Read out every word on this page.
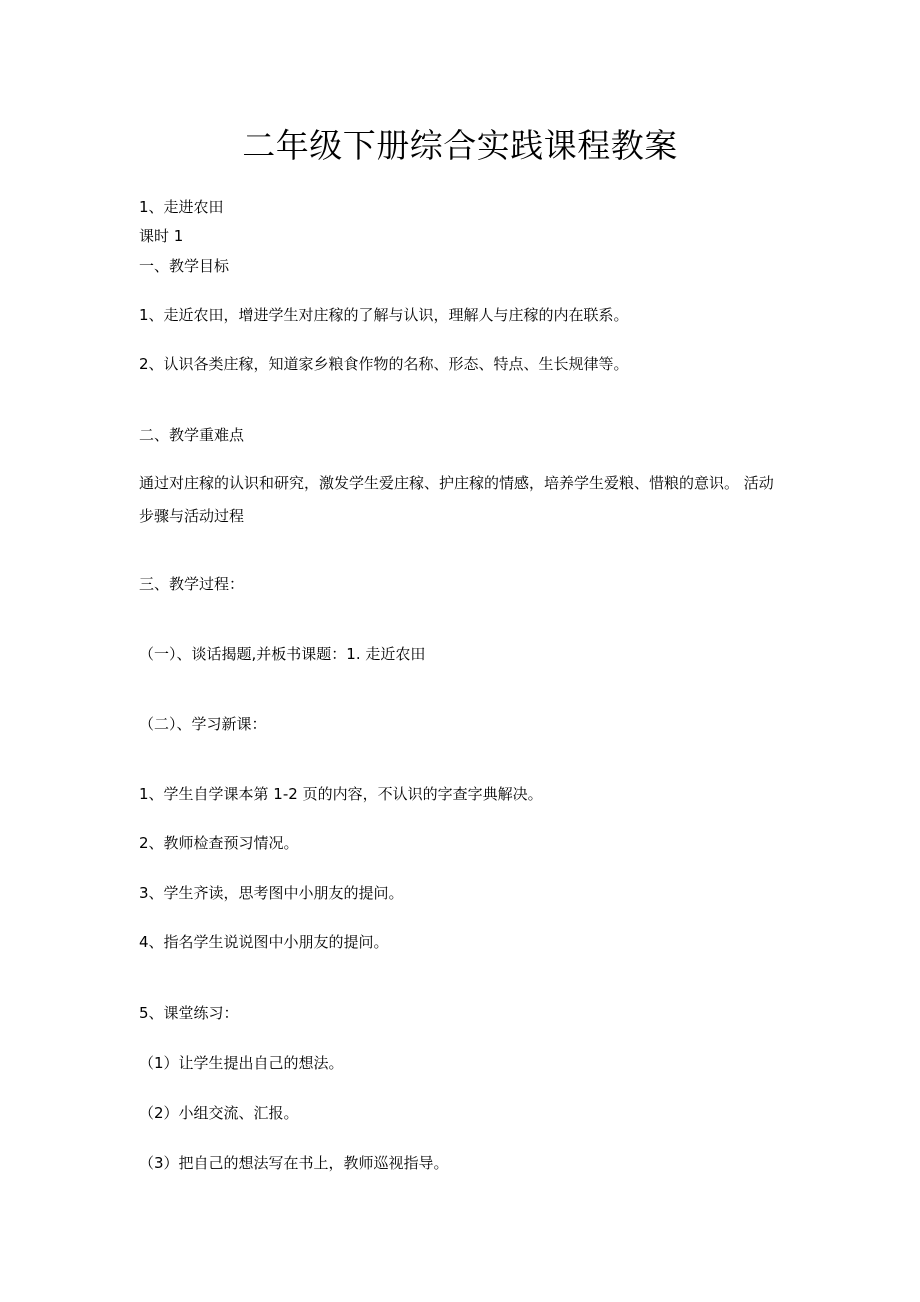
二年级下册综合实践课程教案
1、走进农田
课时 1
一、教学目标
1、走近农田，增进学生对庄稼的了解与认识，理解人与庄稼的内在联系。
2、认识各类庄稼，知道家乡粮食作物的名称、形态、特点、生长规律等。
二、教学重难点
通过对庄稼的认识和研究，激发学生爱庄稼、护庄稼的情感，培养学生爱粮、惜粮的意识。 活动步骤与活动过程
三、教学过程：
（一）、谈话揭题,并板书课题：1. 走近农田
（二）、学习新课：
1、学生自学课本第 1-2 页的内容，不认识的字查字典解决。
2、教师检查预习情况。
3、学生齐读，思考图中小朋友的提问。
4、指名学生说说图中小朋友的提问。
5、课堂练习：
（1）让学生提出自己的想法。
（2）小组交流、汇报。
（3）把自己的想法写在书上，教师巡视指导。
